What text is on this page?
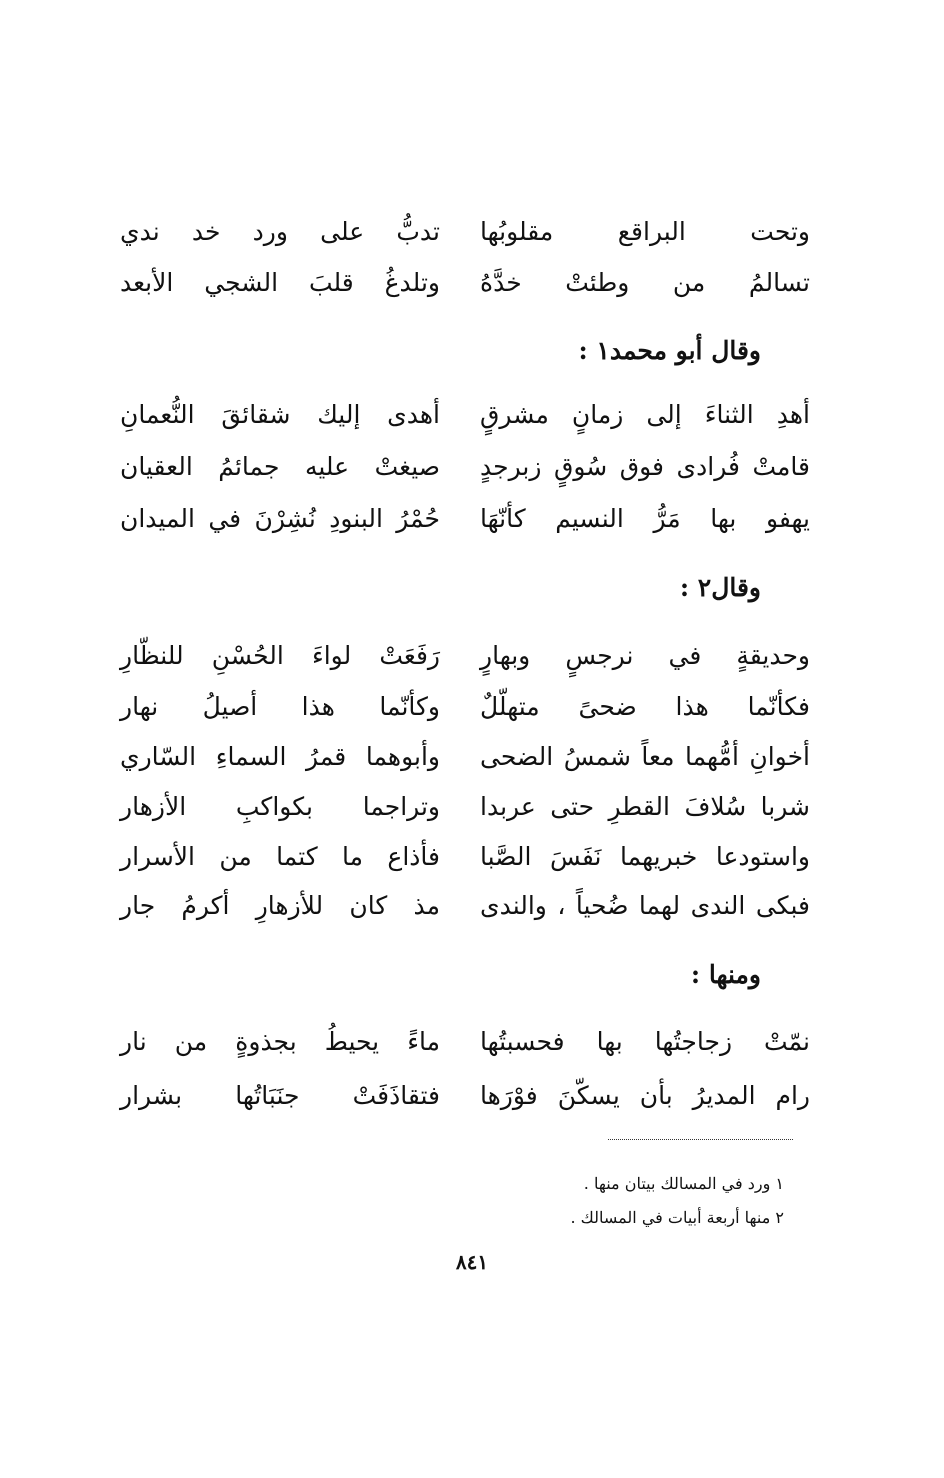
وتحت البراقع مقلوبُها
تدبُّ على ورد خد ندي
تسالمُ من وطئتْ خدَّهُ
وتلدغُ قلبَ الشجي الأبعد
وقال أبو محمد١ :
أهدِ الثناءَ إلى زمانٍ مشرقٍ
أهدى إليك شقائقَ النُّعمانِ
قامتْ فُرادى فوق سُوقٍ زبرجدٍ
صيغتْ عليه جمائمُ العقيان
يهفو بها مَرُّ النسيم كأنّهَا
حُمْرُ البنودِ نُشِرْنَ في الميدان
وقال٢ :
وحديقةٍ في نرجسٍ وبهارٍ
رَفَعَتْ لواءَ الحُسْنِ للنظّارِ
فكأنّما هذا ضحىً متهلّلٌ
وكأنّما هذا أصيلُ نهار
أخوانِ أمُّهما معاً شمسُ الضحى
وأبوهما قمرُ السماءِ السّاري
شربا سُلافَ القطرِ حتى عربدا
وتراجما بكواكبِ الأزهار
واستودعا خبريهما نَفَسَ الصَّبا
فأذاع ما كتما من الأسرار
فبكى الندى لهما ضُحياً ، والندى
مذ كان للأزهارِ أكرمُ جار
ومنها :
نمّتْ زجاجتُها بها فحسبتُها
ماءً يحيطُ بجذوةٍ من نار
رام المديرُ بأن يسكّنَ فوْرَها
فتقاذَفَتْ جنَبَاتُها بشرار
١ ورد في المسالك بيتان منها .
٢ منها أربعة أبيات في المسالك .
٨٤١
